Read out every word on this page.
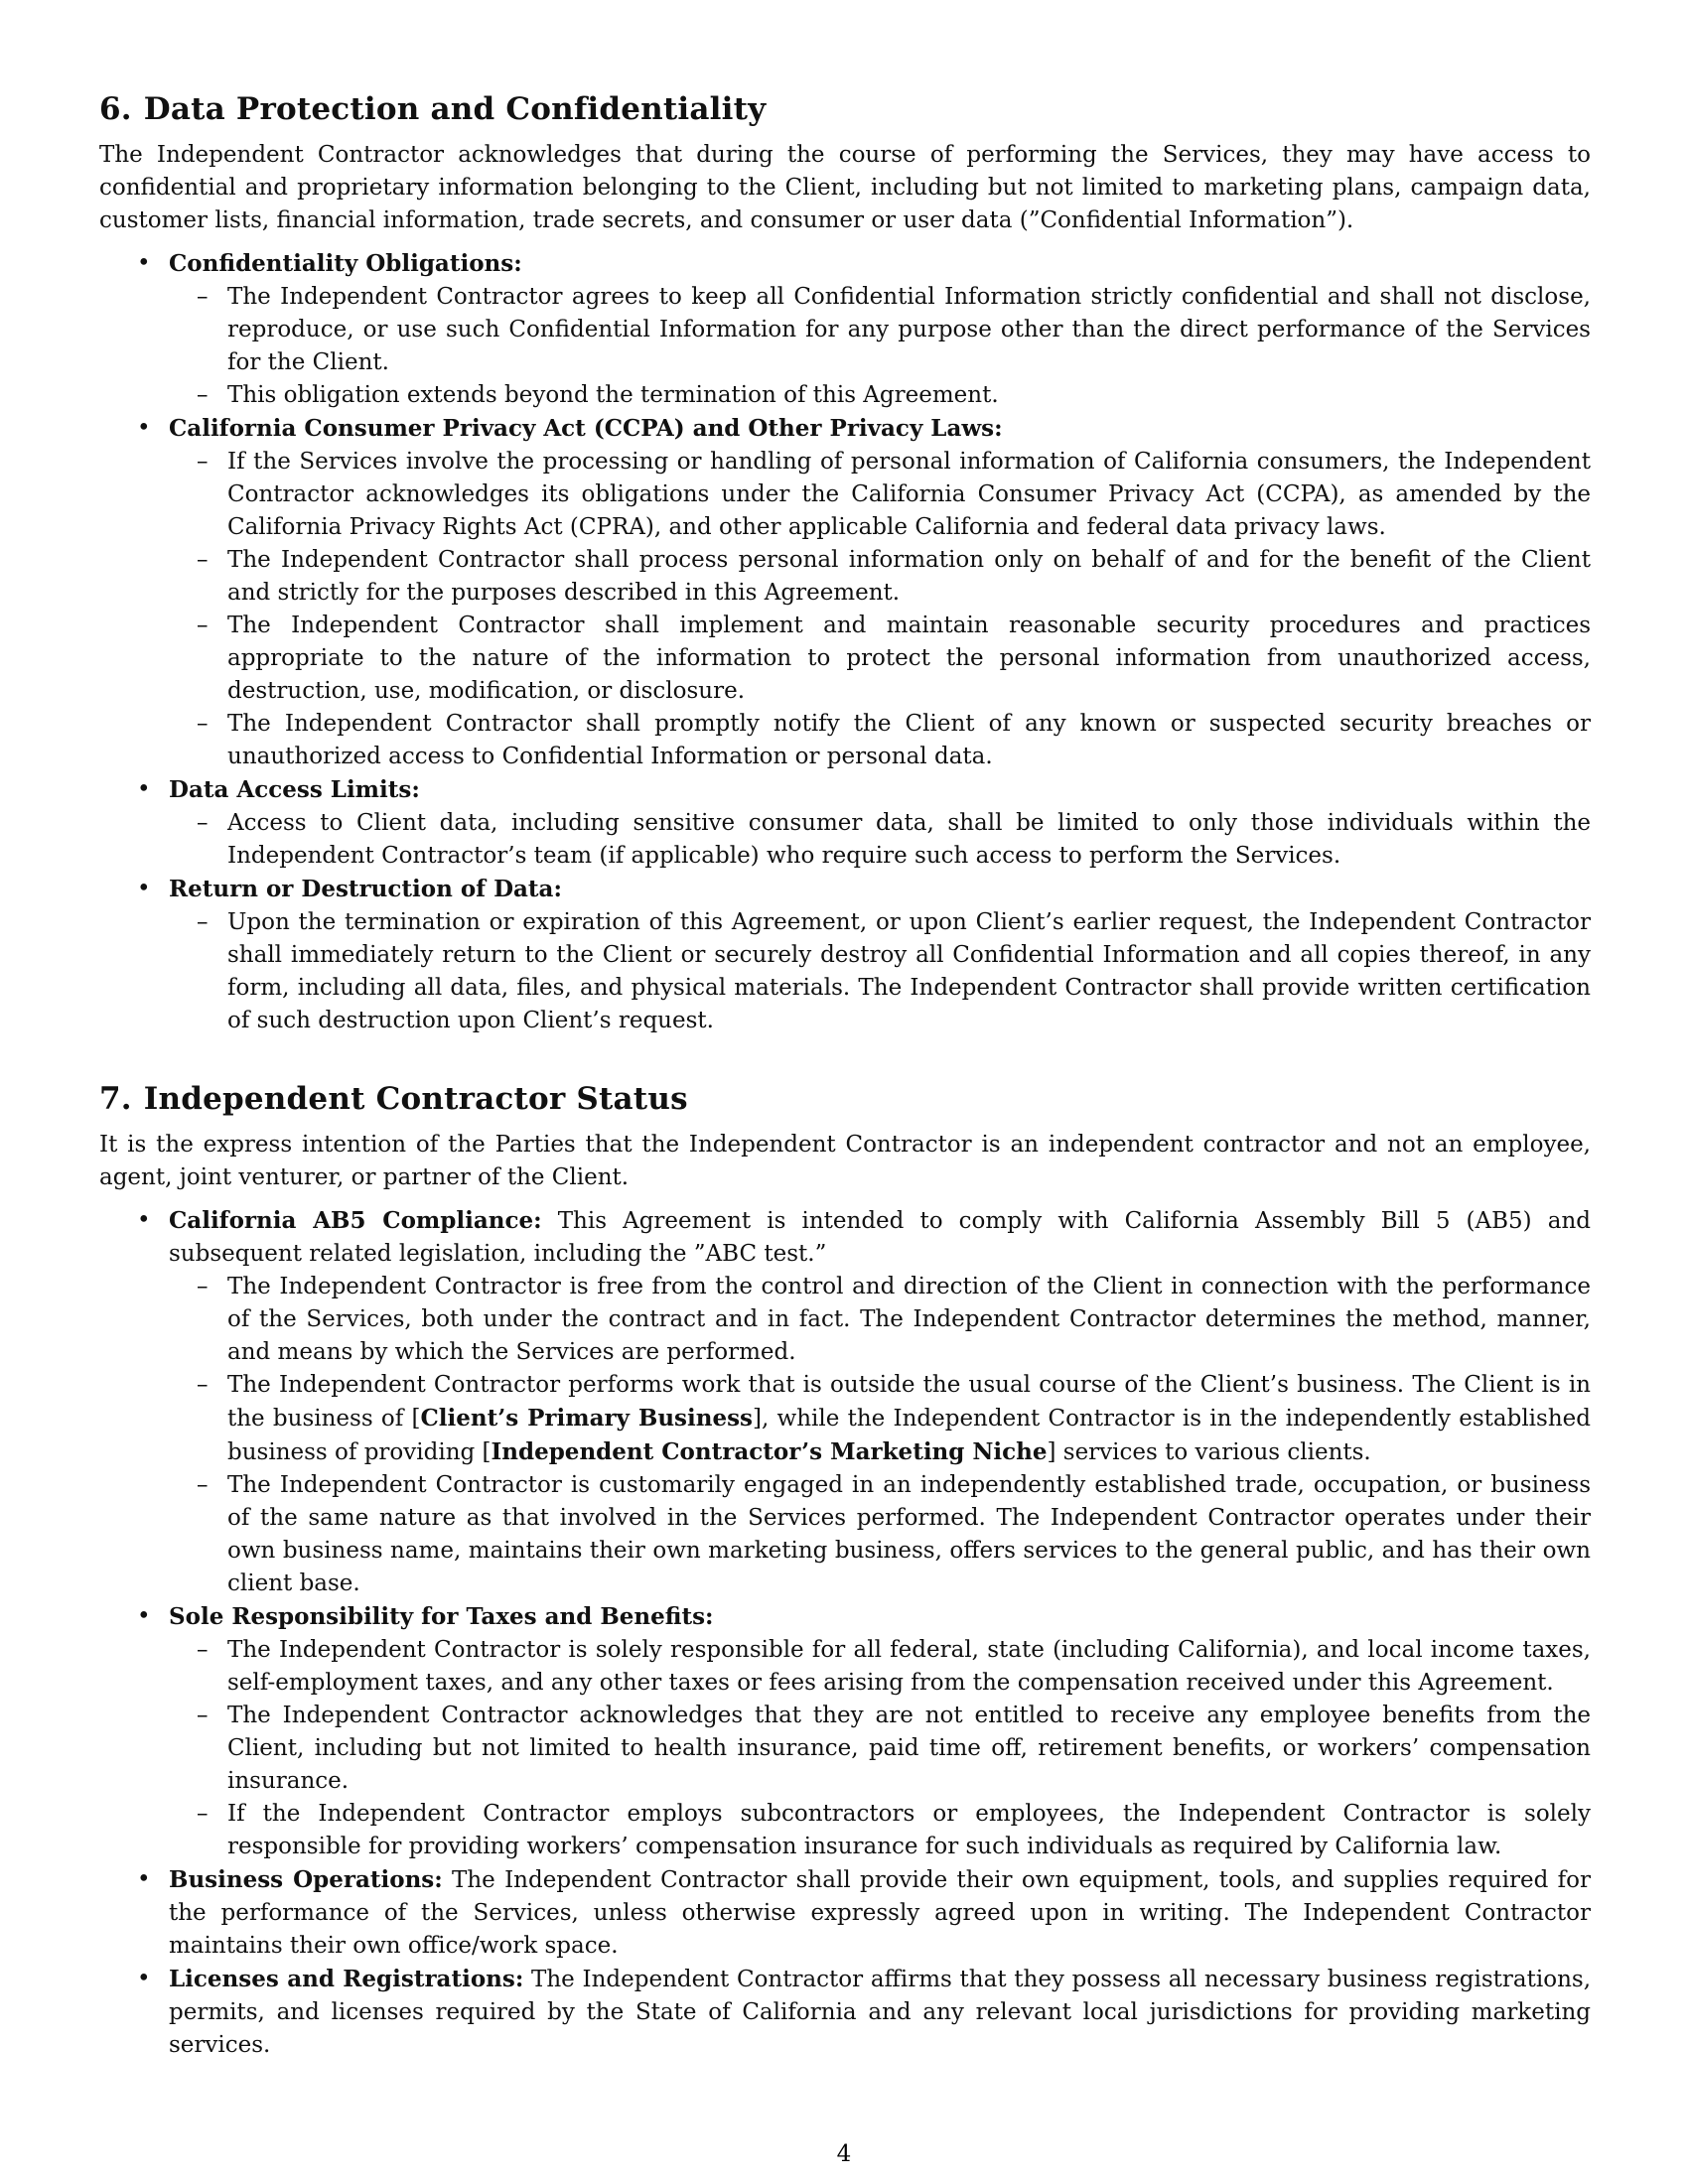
6. Data Protection and Confidentiality

The Independent Contractor acknowledges that during the course of performing the Services, they may have access to confidential and proprietary information belonging to the Client, including but not limited to marketing plans, campaign data, customer lists, financial information, trade secrets, and consumer or user data (”Confidential Information”).

• Confidentiality Obligations:
– The Independent Contractor agrees to keep all Confidential Information strictly confidential and shall not disclose, reproduce, or use such Confidential Information for any purpose other than the direct performance of the Services for the Client.
– This obligation extends beyond the termination of this Agreement.
• California Consumer Privacy Act (CCPA) and Other Privacy Laws:
– If the Services involve the processing or handling of personal information of California consumers, the Independent Contractor acknowledges its obligations under the California Consumer Privacy Act (CCPA), as amended by the California Privacy Rights Act (CPRA), and other applicable California and federal data privacy laws.
– The Independent Contractor shall process personal information only on behalf of and for the benefit of the Client and strictly for the purposes described in this Agreement.
– The Independent Contractor shall implement and maintain reasonable security procedures and practices appropriate to the nature of the information to protect the personal information from unauthorized access, destruction, use, modification, or disclosure.
– The Independent Contractor shall promptly notify the Client of any known or suspected security breaches or unauthorized access to Confidential Information or personal data.
• Data Access Limits:
– Access to Client data, including sensitive consumer data, shall be limited to only those individuals within the Independent Contractor’s team (if applicable) who require such access to perform the Services.
• Return or Destruction of Data:
– Upon the termination or expiration of this Agreement, or upon Client’s earlier request, the Independent Contractor shall immediately return to the Client or securely destroy all Confidential Information and all copies thereof, in any form, including all data, files, and physical materials. The Independent Contractor shall provide written certification of such destruction upon Client’s request.
7. Independent Contractor Status

It is the express intention of the Parties that the Independent Contractor is an independent contractor and not an employee, agent, joint venturer, or partner of the Client.

• California AB5 Compliance: This Agreement is intended to comply with California Assembly Bill 5 (AB5) and subsequent related legislation, including the ”ABC test.”
– The Independent Contractor is free from the control and direction of the Client in connection with the performance of the Services, both under the contract and in fact. The Independent Contractor determines the method, manner, and means by which the Services are performed.
– The Independent Contractor performs work that is outside the usual course of the Client’s business. The Client is in the business of [Client’s Primary Business], while the Independent Contractor is in the independently established business of providing [Independent Contractor’s Marketing Niche] services to various clients.
– The Independent Contractor is customarily engaged in an independently established trade, occupation, or business of the same nature as that involved in the Services performed. The Independent Contractor operates under their own business name, maintains their own marketing business, offers services to the general public, and has their own client base.
• Sole Responsibility for Taxes and Benefits:
– The Independent Contractor is solely responsible for all federal, state (including California), and local income taxes, self-employment taxes, and any other taxes or fees arising from the compensation received under this Agreement.
– The Independent Contractor acknowledges that they are not entitled to receive any employee benefits from the Client, including but not limited to health insurance, paid time off, retirement benefits, or workers’ compensation insurance.
– If the Independent Contractor employs subcontractors or employees, the Independent Contractor is solely responsible for providing workers’ compensation insurance for such individuals as required by California law.
• Business Operations: The Independent Contractor shall provide their own equipment, tools, and supplies required for the performance of the Services, unless otherwise expressly agreed upon in writing. The Independent Contractor maintains their own office/work space.
• Licenses and Registrations: The Independent Contractor affirms that they possess all necessary business registrations, permits, and licenses required by the State of California and any relevant local jurisdictions for providing marketing services.
4
